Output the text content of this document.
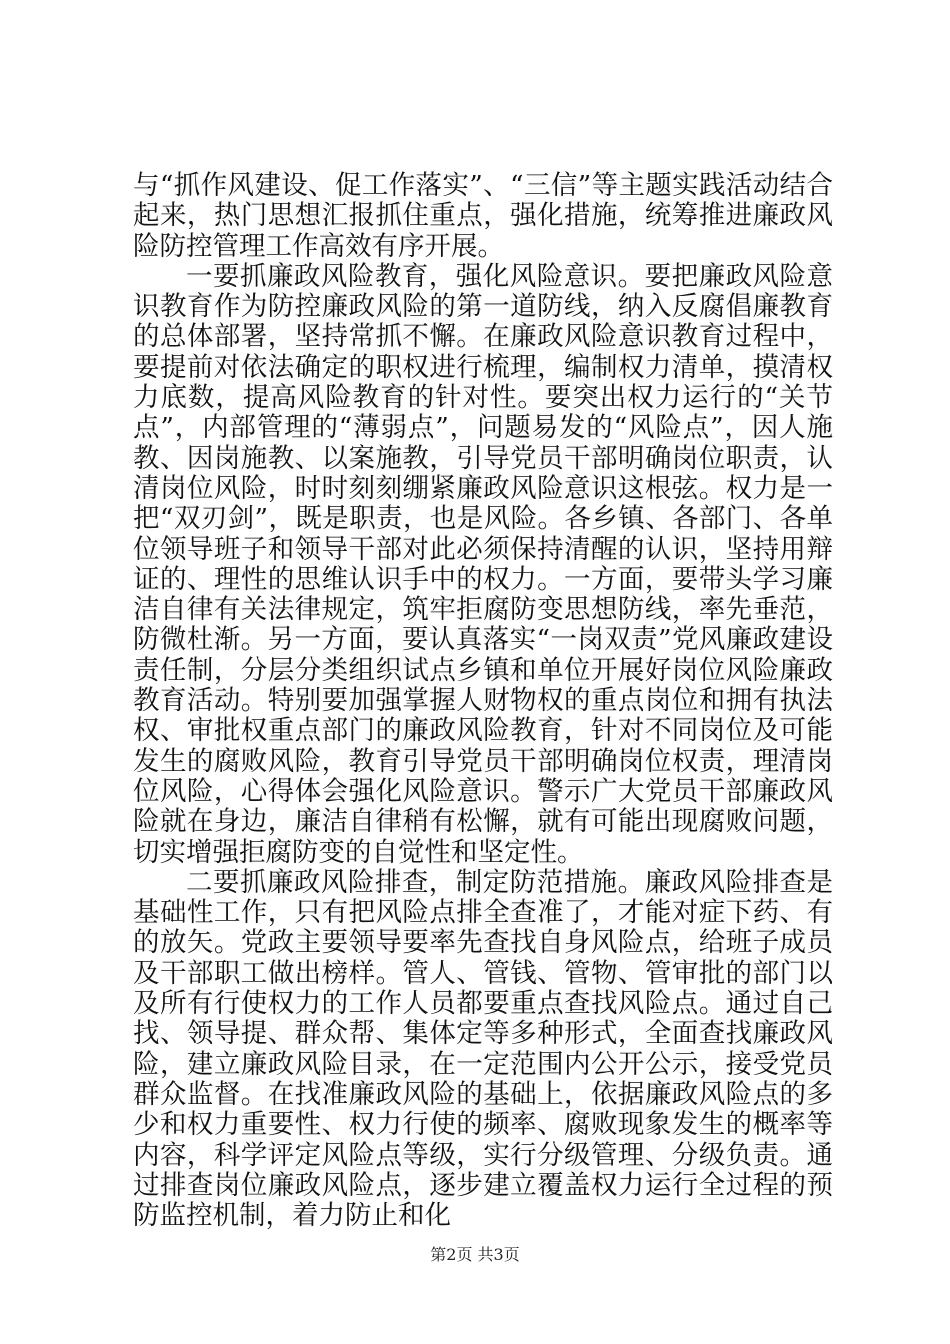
与“抓作风建设、促工作落实”、“三信”等主题实践活动结合起来，热门思想汇报抓住重点，强化措施，统筹推进廉政风险防控管理工作高效有序开展。

一要抓廉政风险教育，强化风险意识。要把廉政风险意识教育作为防控廉政风险的第一道防线，纳入反腐倡廉教育的总体部署，坚持常抓不懈。在廉政风险意识教育过程中，要提前对依法确定的职权进行梳理，编制权力清单，摸清权力底数，提高风险教育的针对性。要突出权力运行的“关节点”，内部管理的“薄弱点”，问题易发的“风险点”，因人施教、因岗施教、以案施教，引导党员干部明确岗位职责，认清岗位风险，时时刻刻绷紧廉政风险意识这根弦。权力是一把“双刃剑”，既是职责，也是风险。各乡镇、各部门、各单位领导班子和领导干部对此必须保持清醒的认识，坚持用辩证的、理性的思维认识手中的权力。一方面，要带头学习廉洁自律有关法律规定，筑牢拒腐防变思想防线，率先垂范，防微杜渐。另一方面，要认真落实“一岗双责”党风廉政建设责任制，分层分类组织试点乡镇和单位开展好岗位风险廉政教育活动。特别要加强掌握人财物权的重点岗位和拥有执法权、审批权重点部门的廉政风险教育，针对不同岗位及可能发生的腐败风险，教育引导党员干部明确岗位权责，理清岗位风险，心得体会强化风险意识。警示广大党员干部廉政风险就在身边，廉洁自律稍有松懈，就有可能出现腐败问题，切实增强拒腐防变的自觉性和坚定性。

二要抓廉政风险排查，制定防范措施。廉政风险排查是基础性工作，只有把风险点排全查准了，才能对症下药、有的放矢。党政主要领导要率先查找自身风险点，给班子成员及干部职工做出榜样。管人、管钱、管物、管审批的部门以及所有行使权力的工作人员都要重点查找风险点。通过自己找、领导提、群众帮、集体定等多种形式，全面查找廉政风险，建立廉政风险目录，在一定范围内公开公示，接受党员群众监督。在找准廉政风险的基础上，依据廉政风险点的多少和权力重要性、权力行使的频率、腐败现象发生的概率等内容，科学评定风险点等级，实行分级管理、分级负责。通过排查岗位廉政风险点，逐步建立覆盖权力运行全过程的预防监控机制，着力防止和化

第2页 共3页
